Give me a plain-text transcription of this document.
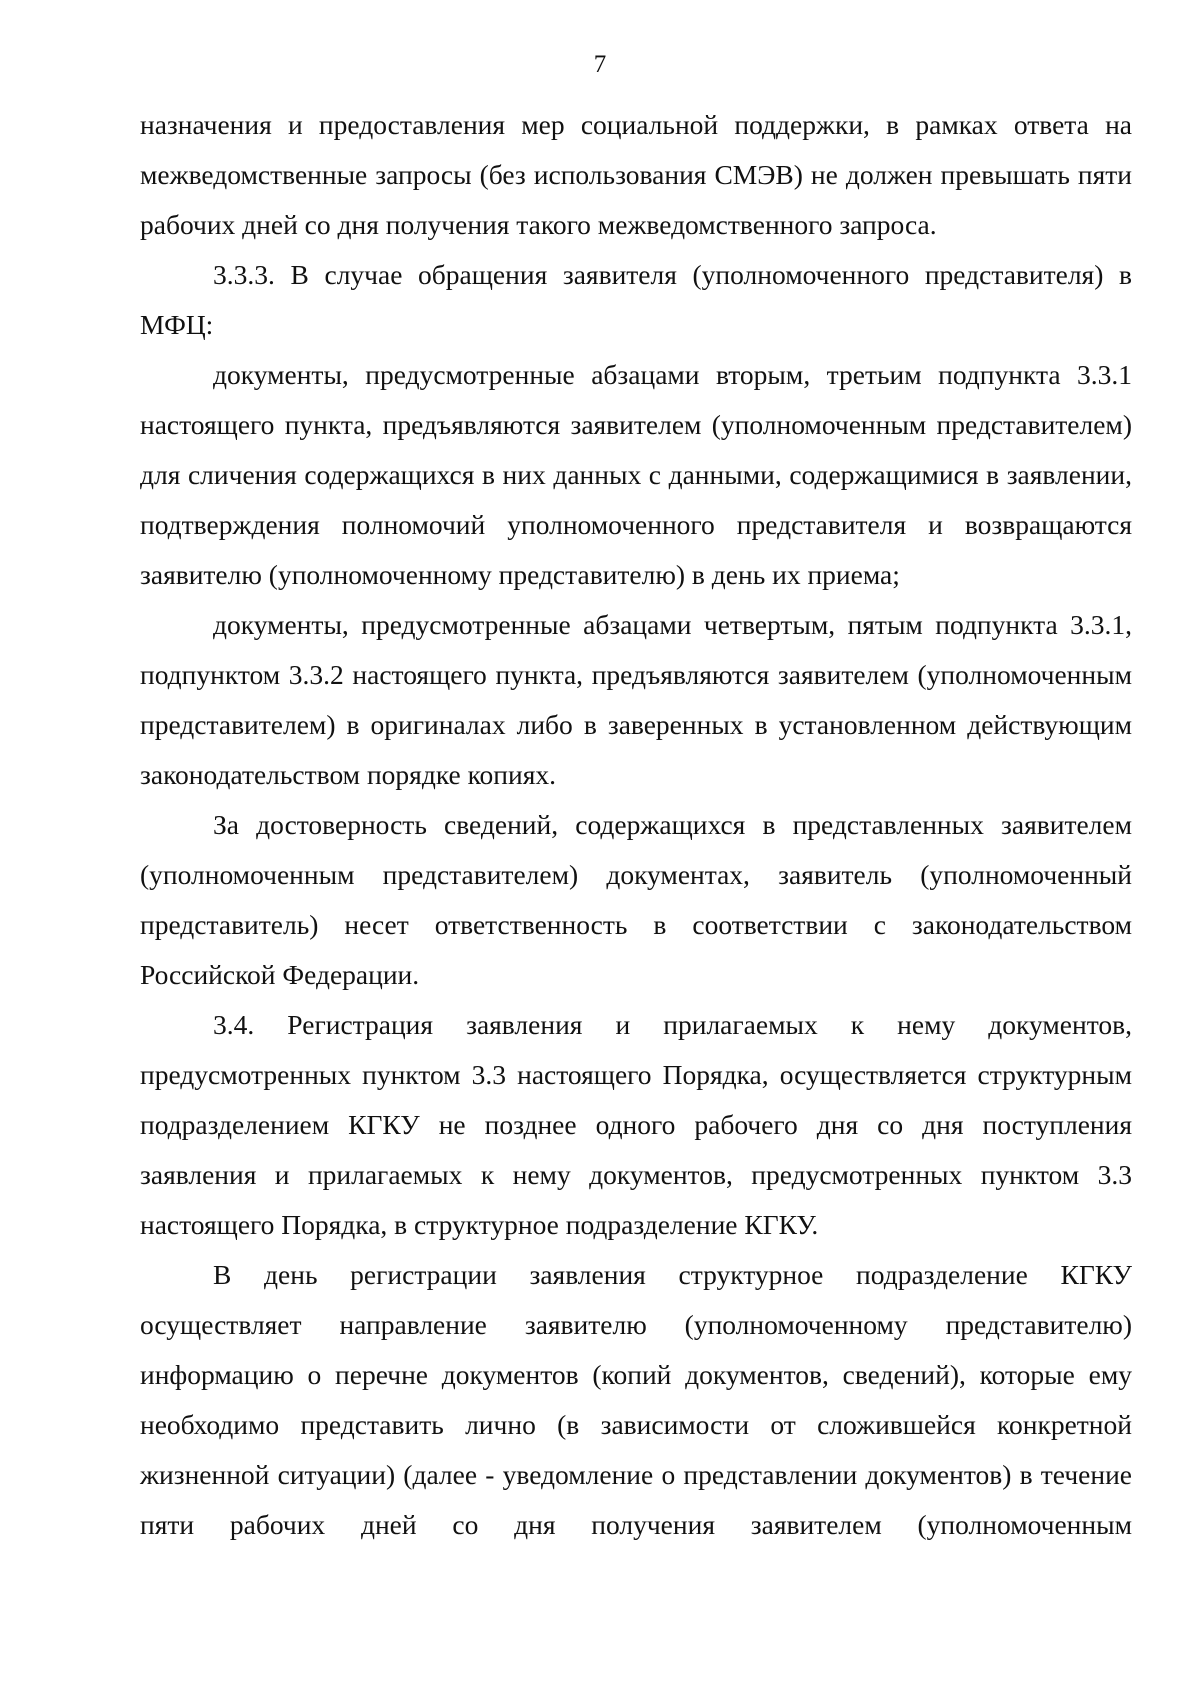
7

назначения и предоставления мер социальной поддержки, в рамках ответа на межведомственные запросы (без использования СМЭВ) не должен превышать пяти рабочих дней со дня получения такого межведомственного запроса.

3.3.3. В случае обращения заявителя (уполномоченного представителя) в МФЦ:

документы, предусмотренные абзацами вторым, третьим подпункта 3.3.1 настоящего пункта, предъявляются заявителем (уполномоченным представителем) для сличения содержащихся в них данных с данными, содержащимися в заявлении, подтверждения полномочий уполномоченного представителя и возвращаются заявителю (уполномоченному представителю) в день их приема;

документы, предусмотренные абзацами четвертым, пятым подпункта 3.3.1, подпунктом 3.3.2 настоящего пункта, предъявляются заявителем (уполномоченным представителем) в оригиналах либо в заверенных в установленном действующим законодательством порядке копиях.

За достоверность сведений, содержащихся в представленных заявителем (уполномоченным представителем) документах, заявитель (уполномоченный представитель) несет ответственность в соответствии с законодательством Российской Федерации.

3.4. Регистрация заявления и прилагаемых к нему документов, предусмотренных пунктом 3.3 настоящего Порядка, осуществляется структурным подразделением КГКУ не позднее одного рабочего дня со дня поступления заявления и прилагаемых к нему документов, предусмотренных пунктом 3.3 настоящего Порядка, в структурное подразделение КГКУ.

В день регистрации заявления структурное подразделение КГКУ осуществляет направление заявителю (уполномоченному представителю) информацию о перечне документов (копий документов, сведений), которые ему необходимо представить лично (в зависимости от сложившейся конкретной жизненной ситуации) (далее - уведомление о представлении документов) в течение пяти рабочих дней со дня получения заявителем (уполномоченным
